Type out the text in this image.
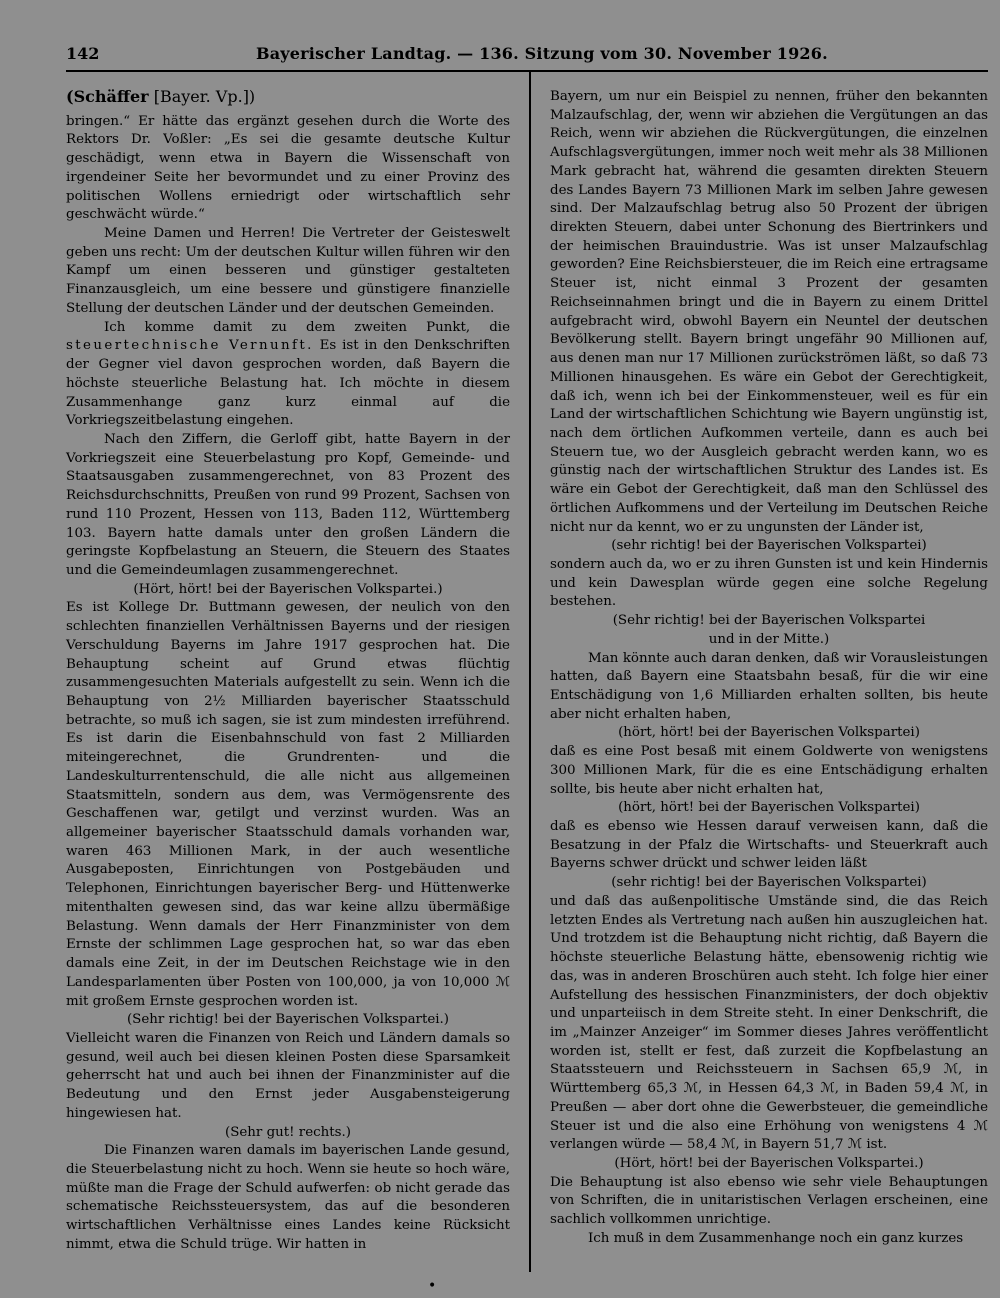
142	Bayerischer Landtag. — 136. Sitzung vom 30. November 1926.
(Schäffer [Bayer. Vp.])

bringen.“ Er hätte das ergänzt gesehen durch die Worte des Rektors Dr. Voßler: „Es sei die gesamte deutsche Kultur geschädigt, wenn etwa in Bayern die Wissenschaft von irgendeiner Seite her bevormundet und zu einer Provinz des politischen Wollens erniedrigt oder wirtschaftlich sehr geschwächt würde.“

Meine Damen und Herren! Die Vertreter der Geisteswelt geben uns recht: Um der deutschen Kultur willen führen wir den Kampf um einen besseren und günstiger gestalteten Finanzausgleich, um eine bessere und günstigere finanzielle Stellung der deutschen Länder und der deutschen Gemeinden.

Ich komme damit zu dem zweiten Punkt, die steuertechnische Vernunft. Es ist in den Denkschriften der Gegner viel davon gesprochen worden, daß Bayern die höchste steuerliche Belastung hat. Ich möchte in diesem Zusammenhange ganz kurz einmal auf die Vorkriegszeitbelastung eingehen.

Nach den Ziffern, die Gerloff gibt, hatte Bayern in der Vorkriegszeit eine Steuerbelastung pro Kopf, Gemeinde- und Staatsausgaben zusammengerechnet, von 83 Prozent des Reichsdurchschnitts, Preußen von rund 99 Prozent, Sachsen von rund 110 Prozent, Hessen von 113, Baden 112, Württemberg 103. Bayern hatte damals unter den großen Ländern die geringste Kopfbelastung an Steuern, die Steuern des Staates und die Gemeindeumlagen zusammengerechnet.

(Hört, hört! bei der Bayerischen Volkspartei.)

Es ist Kollege Dr. Buttmann gewesen, der neulich von den schlechten finanziellen Verhältnissen Bayerns und der riesigen Verschuldung Bayerns im Jahre 1917 gesprochen hat. Die Behauptung scheint auf Grund etwas flüchtig zusammengesuchten Materials aufgestellt zu sein. Wenn ich die Behauptung von 2½ Milliarden bayerischer Staatsschuld betrachte, so muß ich sagen, sie ist zum mindesten irreführend. Es ist darin die Eisenbahnschuld von fast 2 Milliarden miteingerechnet, die Grundrenten- und die Landeskulturrentenschuld, die alle nicht aus allgemeinen Staatsmitteln, sondern aus dem, was Vermögensrente des Geschaffenen war, getilgt und verzinst wurden. Was an allgemeiner bayerischer Staatsschuld damals vorhanden war, waren 463 Millionen Mark, in der auch wesentliche Ausgabeposten, Einrichtungen von Postgebäuden und Telephonen, Einrichtungen bayerischer Berg- und Hüttenwerke mitenthalten gewesen sind, das war keine allzu übermäßige Belastung. Wenn damals der Herr Finanzminister von dem Ernste der schlimmen Lage gesprochen hat, so war das eben damals eine Zeit, in der im Deutschen Reichstage wie in den Landesparlamenten über Posten von 100,000, ja von 10,000 ℳ mit großem Ernste gesprochen worden ist.

(Sehr richtig! bei der Bayerischen Volkspartei.)

Vielleicht waren die Finanzen von Reich und Ländern damals so gesund, weil auch bei diesen kleinen Posten diese Sparsamkeit geherrscht hat und auch bei ihnen der Finanzminister auf die Bedeutung und den Ernst jeder Ausgabensteigerung hingewiesen hat.

(Sehr gut! rechts.)

Die Finanzen waren damals im bayerischen Lande gesund, die Steuerbelastung nicht zu hoch. Wenn sie heute so hoch wäre, müßte man die Frage der Schuld aufwerfen: ob nicht gerade das schematische Reichssteuersystem, das auf die besonderen wirtschaftlichen Verhältnisse eines Landes keine Rücksicht nimmt, etwa die Schuld trüge. Wir hatten in

Bayern, um nur ein Beispiel zu nennen, früher den bekannten Malzaufschlag, der, wenn wir abziehen die Vergütungen an das Reich, wenn wir abziehen die Rückvergütungen, die einzelnen Aufschlagsvergütungen, immer noch weit mehr als 38 Millionen Mark gebracht hat, während die gesamten direkten Steuern des Landes Bayern 73 Millionen Mark im selben Jahre gewesen sind. Der Malzaufschlag betrug also 50 Prozent der übrigen direkten Steuern, dabei unter Schonung des Biertrinkers und der heimischen Brauindustrie. Was ist unser Malzaufschlag geworden? Eine Reichsbiersteuer, die im Reich eine ertragsame Steuer ist, nicht einmal 3 Prozent der gesamten Reichseinnahmen bringt und die in Bayern zu einem Drittel aufgebracht wird, obwohl Bayern ein Neuntel der deutschen Bevölkerung stellt. Bayern bringt ungefähr 90 Millionen auf, aus denen man nur 17 Millionen zurückströmen läßt, so daß 73 Millionen hinausgehen. Es wäre ein Gebot der Gerechtigkeit, daß ich, wenn ich bei der Einkommensteuer, weil es für ein Land der wirtschaftlichen Schichtung wie Bayern ungünstig ist, nach dem örtlichen Aufkommen verteile, dann es auch bei Steuern tue, wo der Ausgleich gebracht werden kann, wo es günstig nach der wirtschaftlichen Struktur des Landes ist. Es wäre ein Gebot der Gerechtigkeit, daß man den Schlüssel des örtlichen Aufkommens und der Verteilung im Deutschen Reiche nicht nur da kennt, wo er zu ungunsten der Länder ist,

(sehr richtig! bei der Bayerischen Volkspartei)

sondern auch da, wo er zu ihren Gunsten ist und kein Hindernis und kein Dawesplan würde gegen eine solche Regelung bestehen.

(Sehr richtig! bei der Bayerischen Volkspartei

und in der Mitte.)

Man könnte auch daran denken, daß wir Vorausleistungen hatten, daß Bayern eine Staatsbahn besaß, für die wir eine Entschädigung von 1,6 Milliarden erhalten sollten, bis heute aber nicht erhalten haben,

(hört, hört! bei der Bayerischen Volkspartei)

daß es eine Post besaß mit einem Goldwerte von wenigstens 300 Millionen Mark, für die es eine Entschädigung erhalten sollte, bis heute aber nicht erhalten hat,

(hört, hört! bei der Bayerischen Volkspartei)

daß es ebenso wie Hessen darauf verweisen kann, daß die Besatzung in der Pfalz die Wirtschafts- und Steuerkraft auch Bayerns schwer drückt und schwer leiden läßt

(sehr richtig! bei der Bayerischen Volkspartei)

und daß das außenpolitische Umstände sind, die das Reich letzten Endes als Vertretung nach außen hin auszugleichen hat. Und trotzdem ist die Behauptung nicht richtig, daß Bayern die höchste steuerliche Belastung hätte, ebensowenig richtig wie das, was in anderen Broschüren auch steht. Ich folge hier einer Aufstellung des hessischen Finanzministers, der doch objektiv und unparteiisch in dem Streite steht. In einer Denkschrift, die im „Mainzer Anzeiger“ im Sommer dieses Jahres veröffentlicht worden ist, stellt er fest, daß zurzeit die Kopfbelastung an Staatssteuern und Reichssteuern in Sachsen 65,9 ℳ, in Württemberg 65,3 ℳ, in Hessen 64,3 ℳ, in Baden 59,4 ℳ, in Preußen — aber dort ohne die Gewerbsteuer, die gemeindliche Steuer ist und die also eine Erhöhung von wenigstens 4 ℳ verlangen würde — 58,4 ℳ, in Bayern 51,7 ℳ ist.

(Hört, hört! bei der Bayerischen Volkspartei.)

Die Behauptung ist also ebenso wie sehr viele Behauptungen von Schriften, die in unitaristischen Verlagen erscheinen, eine sachlich vollkommen unrichtige.

Ich muß in dem Zusammenhange noch ein ganz kurzes

•
